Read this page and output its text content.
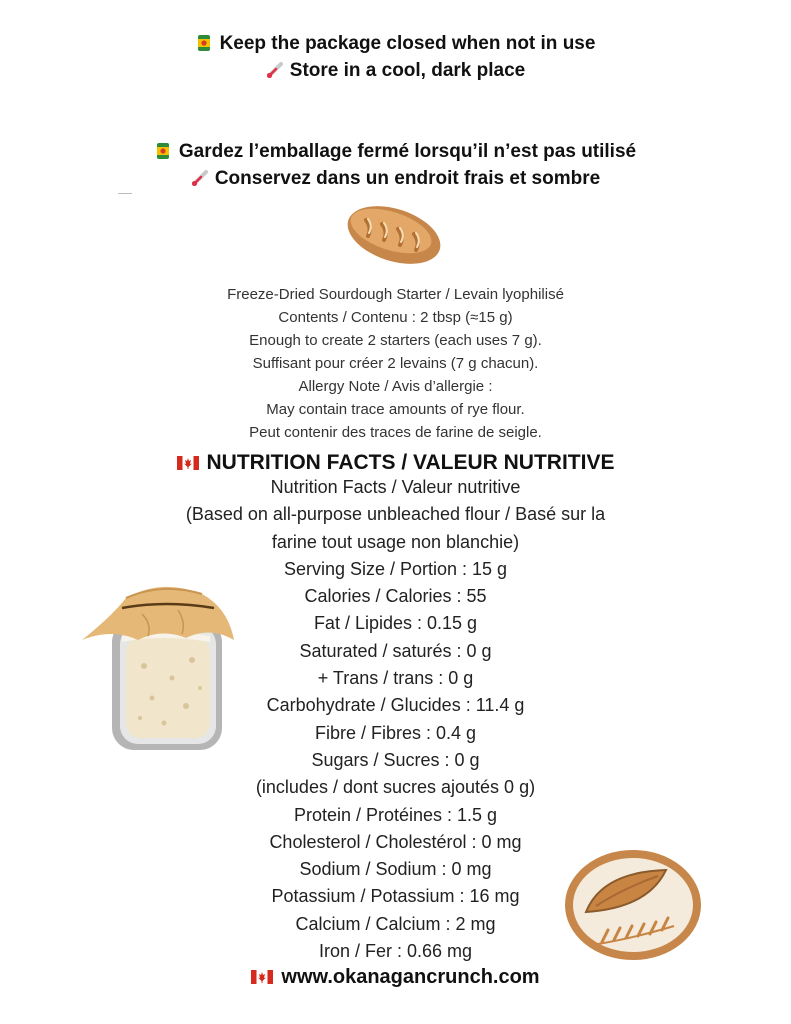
Keep the package closed when not in use
Store in a cool, dark place
Gardez l’emballage fermé lorsqu’il n’est pas utilisé
Conservez dans un endroit frais et sombre
Freeze-Dried Sourdough Starter / Levain lyophilisé
Contents / Contenu : 2 tbsp (≈15 g)
Enough to create 2 starters (each uses 7 g).
Suffisant pour créer 2 levains (7 g chacun).
Allergy Note / Avis d’allergie :
May contain trace amounts of rye flour.
Peut contenir des traces de farine de seigle.
NUTRITION FACTS / VALEUR NUTRITIVE
Nutrition Facts / Valeur nutritive
(Based on all-purpose unbleached flour / Basé sur la
farine tout usage non blanchie)
Serving Size / Portion : 15 g
Calories / Calories : 55
Fat / Lipides : 0.15 g
Saturated / saturés : 0 g
+ Trans / trans : 0 g
Carbohydrate / Glucides : 11.4 g
Fibre / Fibres : 0.4 g
Sugars / Sucres : 0 g
(includes / dont sucres ajoutés 0 g)
Protein / Protéines : 1.5 g
Cholesterol / Cholestérol : 0 mg
Sodium / Sodium : 0 mg
Potassium / Potassium : 16 mg
Calcium / Calcium : 2 mg
Iron / Fer : 0.66 mg
www.okanagancrunch.com
